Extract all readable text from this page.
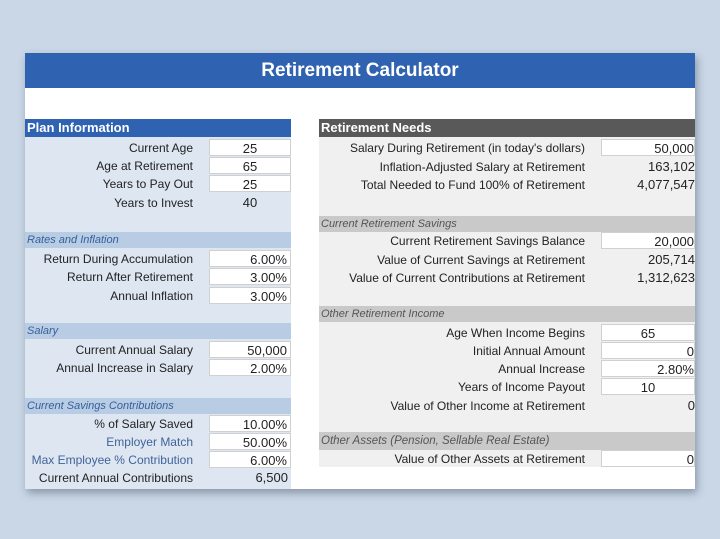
Retirement Calculator
Plan Information
Current Age	25
Age at Retirement	65
Years to Pay Out	25
Years to Invest	40
Rates and Inflation
Return During Accumulation	6.00%
Return After Retirement	3.00%
Annual Inflation	3.00%
Salary
Current Annual Salary	50,000
Annual Increase in Salary	2.00%
Current Savings Contributions
% of Salary Saved	10.00%
Employer Match	50.00%
Max Employee % Contribution	6.00%
Current Annual Contributions	6,500
Retirement Needs
Salary During Retirement (in today's dollars)	50,000
Inflation-Adjusted Salary at Retirement	163,102
Total Needed to Fund 100% of Retirement	4,077,547
Current Retirement Savings
Current Retirement Savings Balance	20,000
Value of Current Savings at Retirement	205,714
Value of Current Contributions at Retirement	1,312,623
Other Retirement Income
Age When Income Begins	65
Initial Annual Amount	0
Annual Increase	2.80%
Years of Income Payout	10
Value of Other Income at Retirement	0
Other Assets (Pension, Sellable Real Estate)
Value of Other Assets at Retirement	0
